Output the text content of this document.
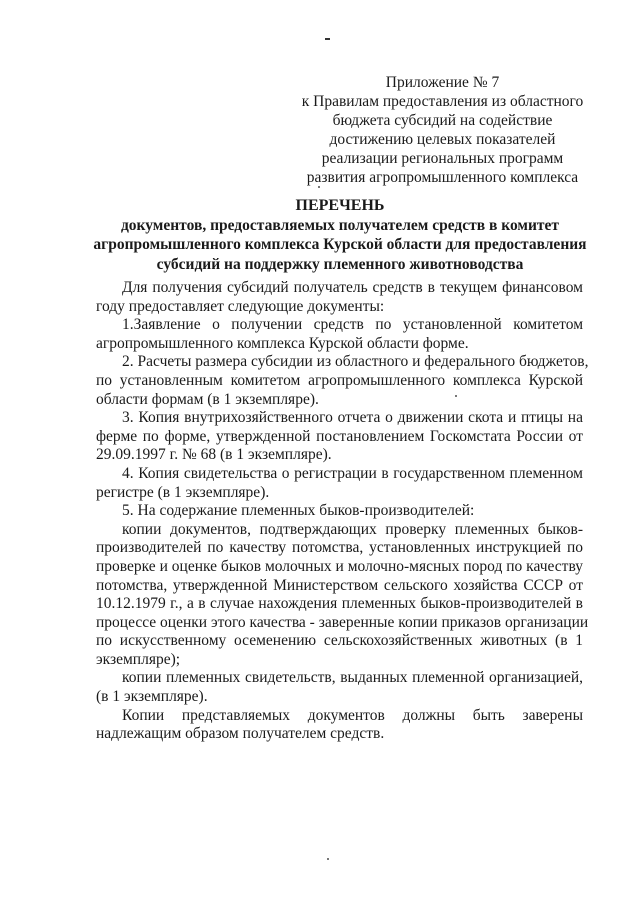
Приложение № 7
к Правилам предоставления из областного
бюджета субсидий на содействие
достижению целевых показателей
реализации региональных программ
развития агропромышленного комплекса
ПЕРЕЧЕНЬ
документов, предоставляемых получателем средств в комитет
агропромышленного комплекса Курской области для предоставления
субсидий на поддержку племенного животноводства
Для получения субсидий получатель средств в текущем финансовом
году предоставляет следующие документы:
1.Заявление о получении средств по установленной комитетом
агропромышленного комплекса Курской области форме.
2. Расчеты размера субсидии из областного и федерального бюджетов,
по установленным комитетом агропромышленного комплекса Курской
области формам (в 1 экземпляре).
3. Копия внутрихозяйственного отчета о движении скота и птицы на
ферме по форме, утвержденной постановлением Госкомстата России от
29.09.1997 г. № 68 (в 1 экземпляре).
4. Копия свидетельства о регистрации в государственном племенном
регистре (в 1 экземпляре).
5. На содержание племенных быков-производителей:
копии документов, подтверждающих проверку племенных быков-
производителей по качеству потомства, установленных инструкцией по
проверке и оценке быков молочных и молочно-мясных пород по качеству
потомства, утвержденной Министерством сельского хозяйства СССР от
10.12.1979 г., а в случае нахождения племенных быков-производителей в
процессе оценки этого качества - заверенные копии приказов организации
по искусственному осеменению сельскохозяйственных животных (в 1
экземпляре);
копии племенных свидетельств, выданных племенной организацией,
(в 1 экземпляре).
Копии представляемых документов должны быть заверены
надлежащим образом получателем средств.
